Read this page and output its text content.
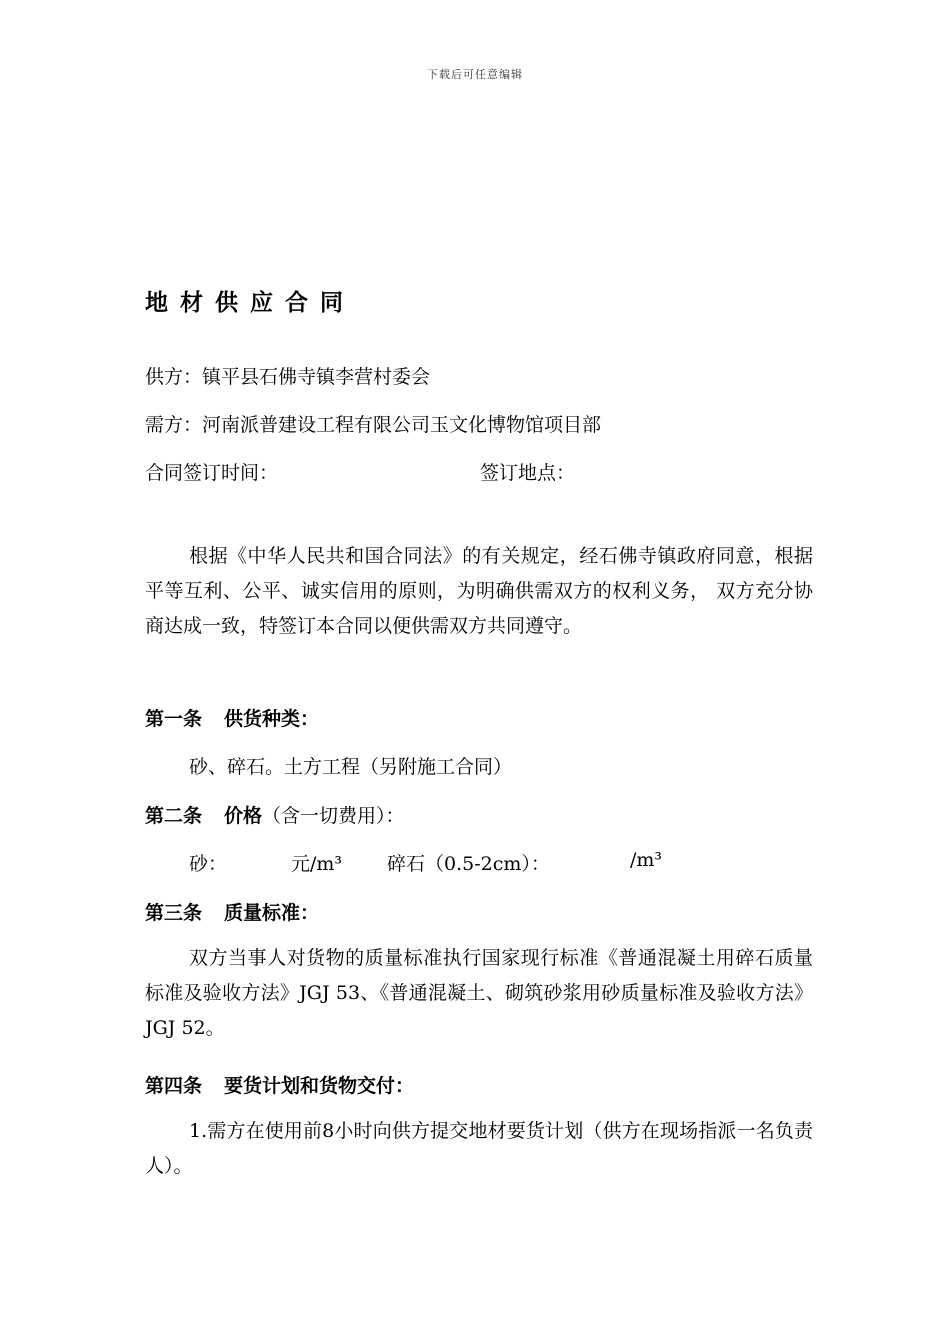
下载后可任意编辑
地材供应合同
供方：镇平县石佛寺镇李营村委会
需方：河南派普建设工程有限公司玉文化博物馆项目部
合同签订时间：	签订地点：

根据《中华人民共和国合同法》的有关规定，经石佛寺镇政府同意，根据平等互利、公平、诚实信用的原则，为明确供需双方的权利义务， 双方充分协商达成一致，特签订本合同以便供需双方共同遵守。

第一条 供货种类：
砂、碎石。土方工程（另附施工合同）
第二条 价格（含一切费用）：
砂：	元/m³ 碎石（0.5-2cm）：	/m³
第三条 质量标准：

双方当事人对货物的质量标准执行国家现行标准《普通混凝土用碎石质量标准及验收方法》JGJ 53、《普通混凝土、砌筑砂浆用砂质量标准及验收方法》JGJ 52。

第四条 要货计划和货物交付：

1.需方在使用前8小时向供方提交地材要货计划（供方在现场指派一名负责人）。
